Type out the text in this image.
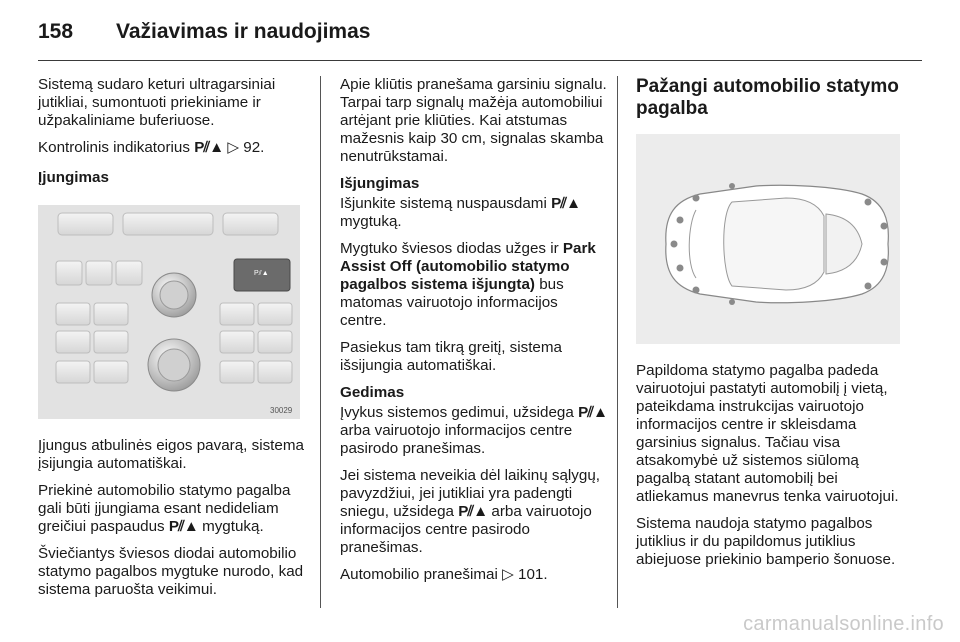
158	Važiavimas ir naudojimas

Sistemą sudaro keturi ultragarsiniai jutikliai, sumontuoti priekiniame ir užpakaliniame buferiuose.

Kontrolinis indikatorius P⫽▲ ▷ 92.

Įjungimas
P⫽▲
30029

Įjungus atbulinės eigos pavarą, sistema įsijungia automatiškai.

Priekinė automobilio statymo pagalba gali būti įjungiama esant nedideliam greičiui paspaudus P⫽▲ mygtuką.

Šviečiantys šviesos diodai automobilio statymo pagalbos mygtuke nurodo, kad sistema paruošta veikimui.

Apie kliūtis pranešama garsiniu signalu. Tarpai tarp signalų mažėja automobiliui artėjant prie kliūties. Kai atstumas mažesnis kaip 30 cm, signalas skamba nenutrūkstamai.

Išjungimas

Išjunkite sistemą nuspausdami P⫽▲ mygtuką.

Mygtuko šviesos diodas užges ir Park Assist Off (automobilio statymo pagalbos sistema išjungta) bus matomas vairuotojo informacijos centre.

Pasiekus tam tikrą greitį, sistema išsijungia automatiškai.

Gedimas

Įvykus sistemos gedimui, užsidega P⫽▲ arba vairuotojo informacijos centre pasirodo pranešimas.

Jei sistema neveikia dėl laikinų sąlygų, pavyzdžiui, jei jutikliai yra padengti sniegu, užsidega P⫽▲ arba vairuotojo informacijos centre pasirodo pranešimas.

Automobilio pranešimai ▷ 101.

Pažangi automobilio statymo pagalba

Papildoma statymo pagalba padeda vairuotojui pastatyti automobilį į vietą, pateikdama instrukcijas vairuotojo informacijos centre ir skleisdama garsinius signalus. Tačiau visa atsakomybė už sistemos siūlomą pagalbą statant automobilį bei atliekamus manevrus tenka vairuotojui.

Sistema naudoja statymo pagalbos jutiklius ir du papildomus jutiklius abiejuose priekinio bamperio šonuose.

carmanualsonline.info
